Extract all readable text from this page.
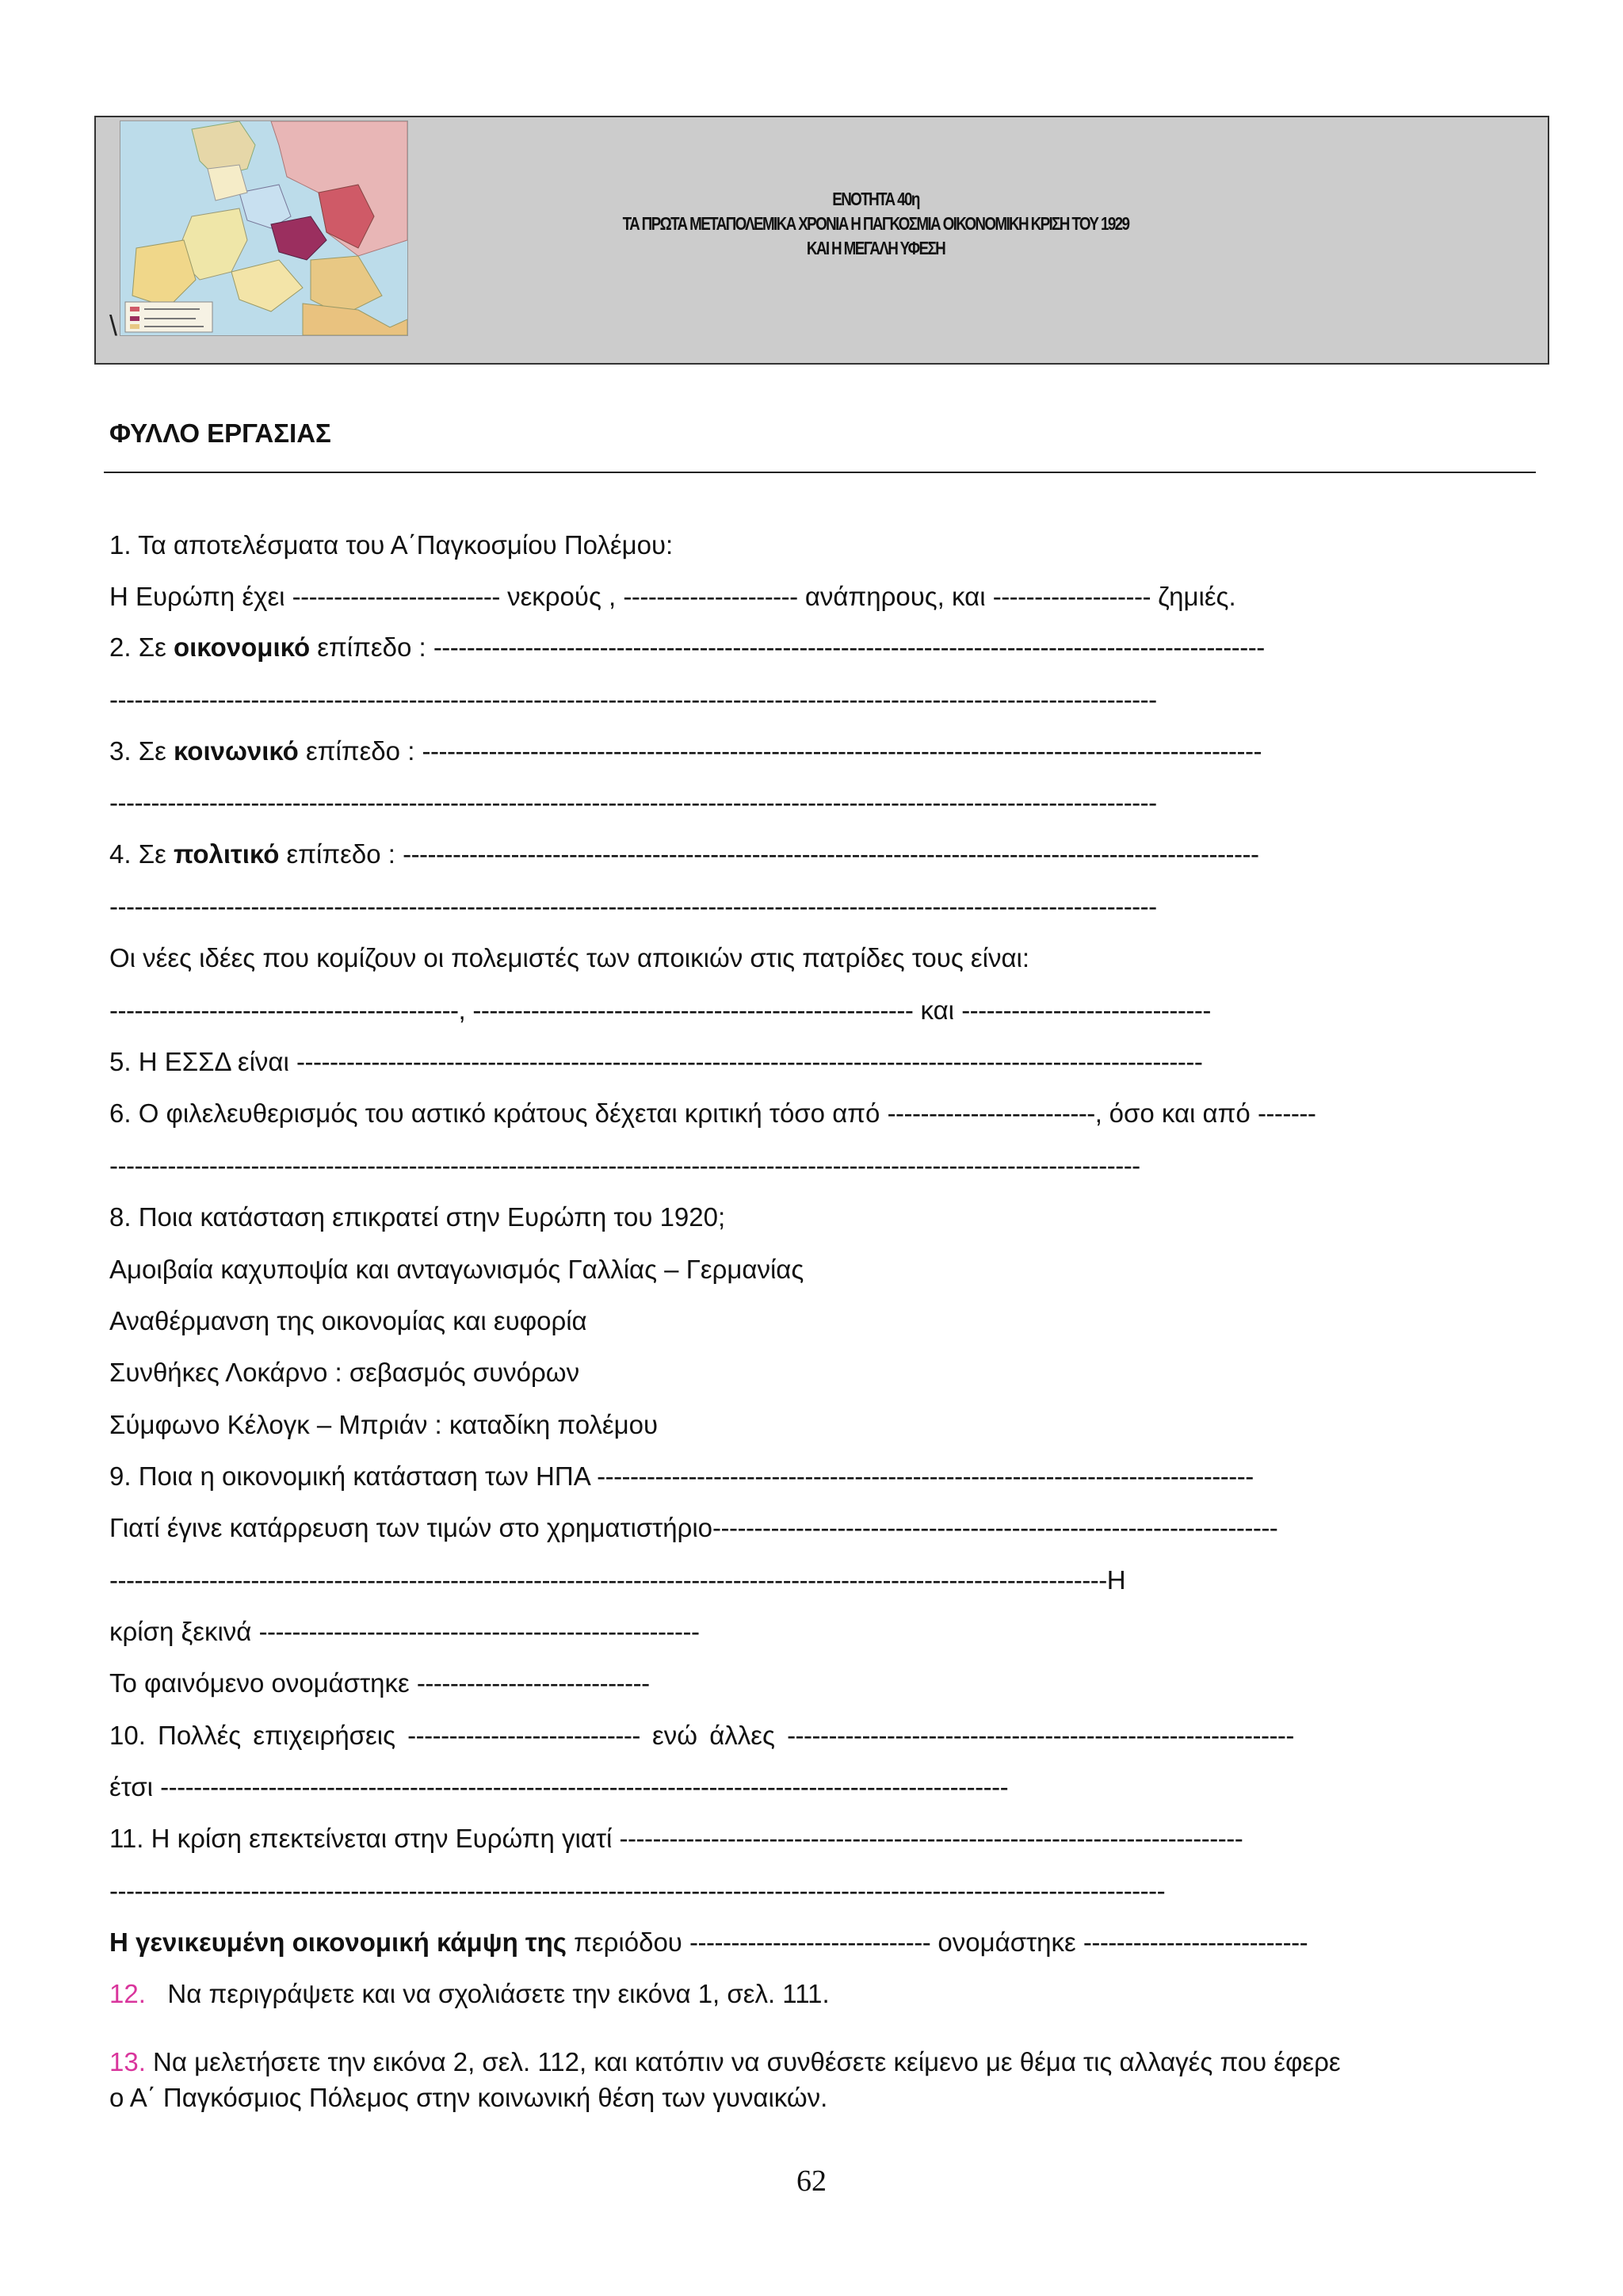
\
ΕΝΟΤΗΤΑ 40η
ΤΑ ΠΡΩΤΑ ΜΕΤΑΠΟΛΕΜΙΚΑ ΧΡΟΝΙΑ Η ΠΑΓΚΟΣΜΙΑ ΟΙΚΟΝΟΜΙΚΗ ΚΡΙΣΗ ΤΟΥ 1929
ΚΑΙ Η ΜΕΓΑΛΗ ΥΦΕΣΗ
ΦΥΛΛΟ ΕΡΓΑΣΙΑΣ
1. Τα αποτελέσματα του Α΄Παγκοσμίου Πολέμου:
Η Ευρώπη έχει ------------------------- νεκρούς , --------------------- ανάπηρους, και ------------------- ζημιές.
2. Σε οικονομικό επίπεδο : ----------------------------------------------------------------------------------------------------
------------------------------------------------------------------------------------------------------------------------------
3. Σε κοινωνικό επίπεδο : -----------------------------------------------------------------------------------------------------
------------------------------------------------------------------------------------------------------------------------------
4. Σε πολιτικό επίπεδο : -------------------------------------------------------------------------------------------------------
------------------------------------------------------------------------------------------------------------------------------
Οι νέες ιδέες που κομίζουν οι πολεμιστές των αποικιών στις πατρίδες τους είναι:
------------------------------------------, ----------------------------------------------------- και ------------------------------
5. Η ΕΣΣΔ είναι -------------------------------------------------------------------------------------------------------------
6. Ο φιλελευθερισμός του αστικό κράτους δέχεται κριτική τόσο από -------------------------, όσο και από -------
----------------------------------------------------------------------------------------------------------------------------
8. Ποια κατάσταση επικρατεί στην Ευρώπη του 1920;
Αμοιβαία καχυποψία και ανταγωνισμός Γαλλίας – Γερμανίας
Αναθέρμανση της οικονομίας και ευφορία
Συνθήκες Λοκάρνο : σεβασμός συνόρων
Σύμφωνο Κέλογκ – Μπριάν : καταδίκη πολέμου
9. Ποια η οικονομική κατάσταση των ΗΠΑ -------------------------------------------------------------------------------
Γιατί έγινε κατάρρευση των τιμών στο χρηματιστήριο--------------------------------------------------------------------
------------------------------------------------------------------------------------------------------------------------Η
κρίση ξεκινά -----------------------------------------------------
Το φαινόμενο ονομάστηκε ----------------------------
10. Πολλές επιχειρήσεις ---------------------------- ενώ άλλες -------------------------------------------------------------
έτσι ------------------------------------------------------------------------------------------------------
11. Η κρίση επεκτείνεται στην Ευρώπη γιατί ---------------------------------------------------------------------------
-------------------------------------------------------------------------------------------------------------------------------
Η γενικευμένη οικονομική κάμψη της περιόδου ----------------------------- ονομάστηκε ---------------------------
12. Να περιγράψετε και να σχολιάσετε την εικόνα 1, σελ. 111.
13. Να μελετήσετε την εικόνα 2, σελ. 112, και κατόπιν να συνθέσετε κείμενο με θέμα τις αλλαγές που έφερε
ο Α΄ Παγκόσμιος Πόλεμος στην κοινωνική θέση των γυναικών.
62
